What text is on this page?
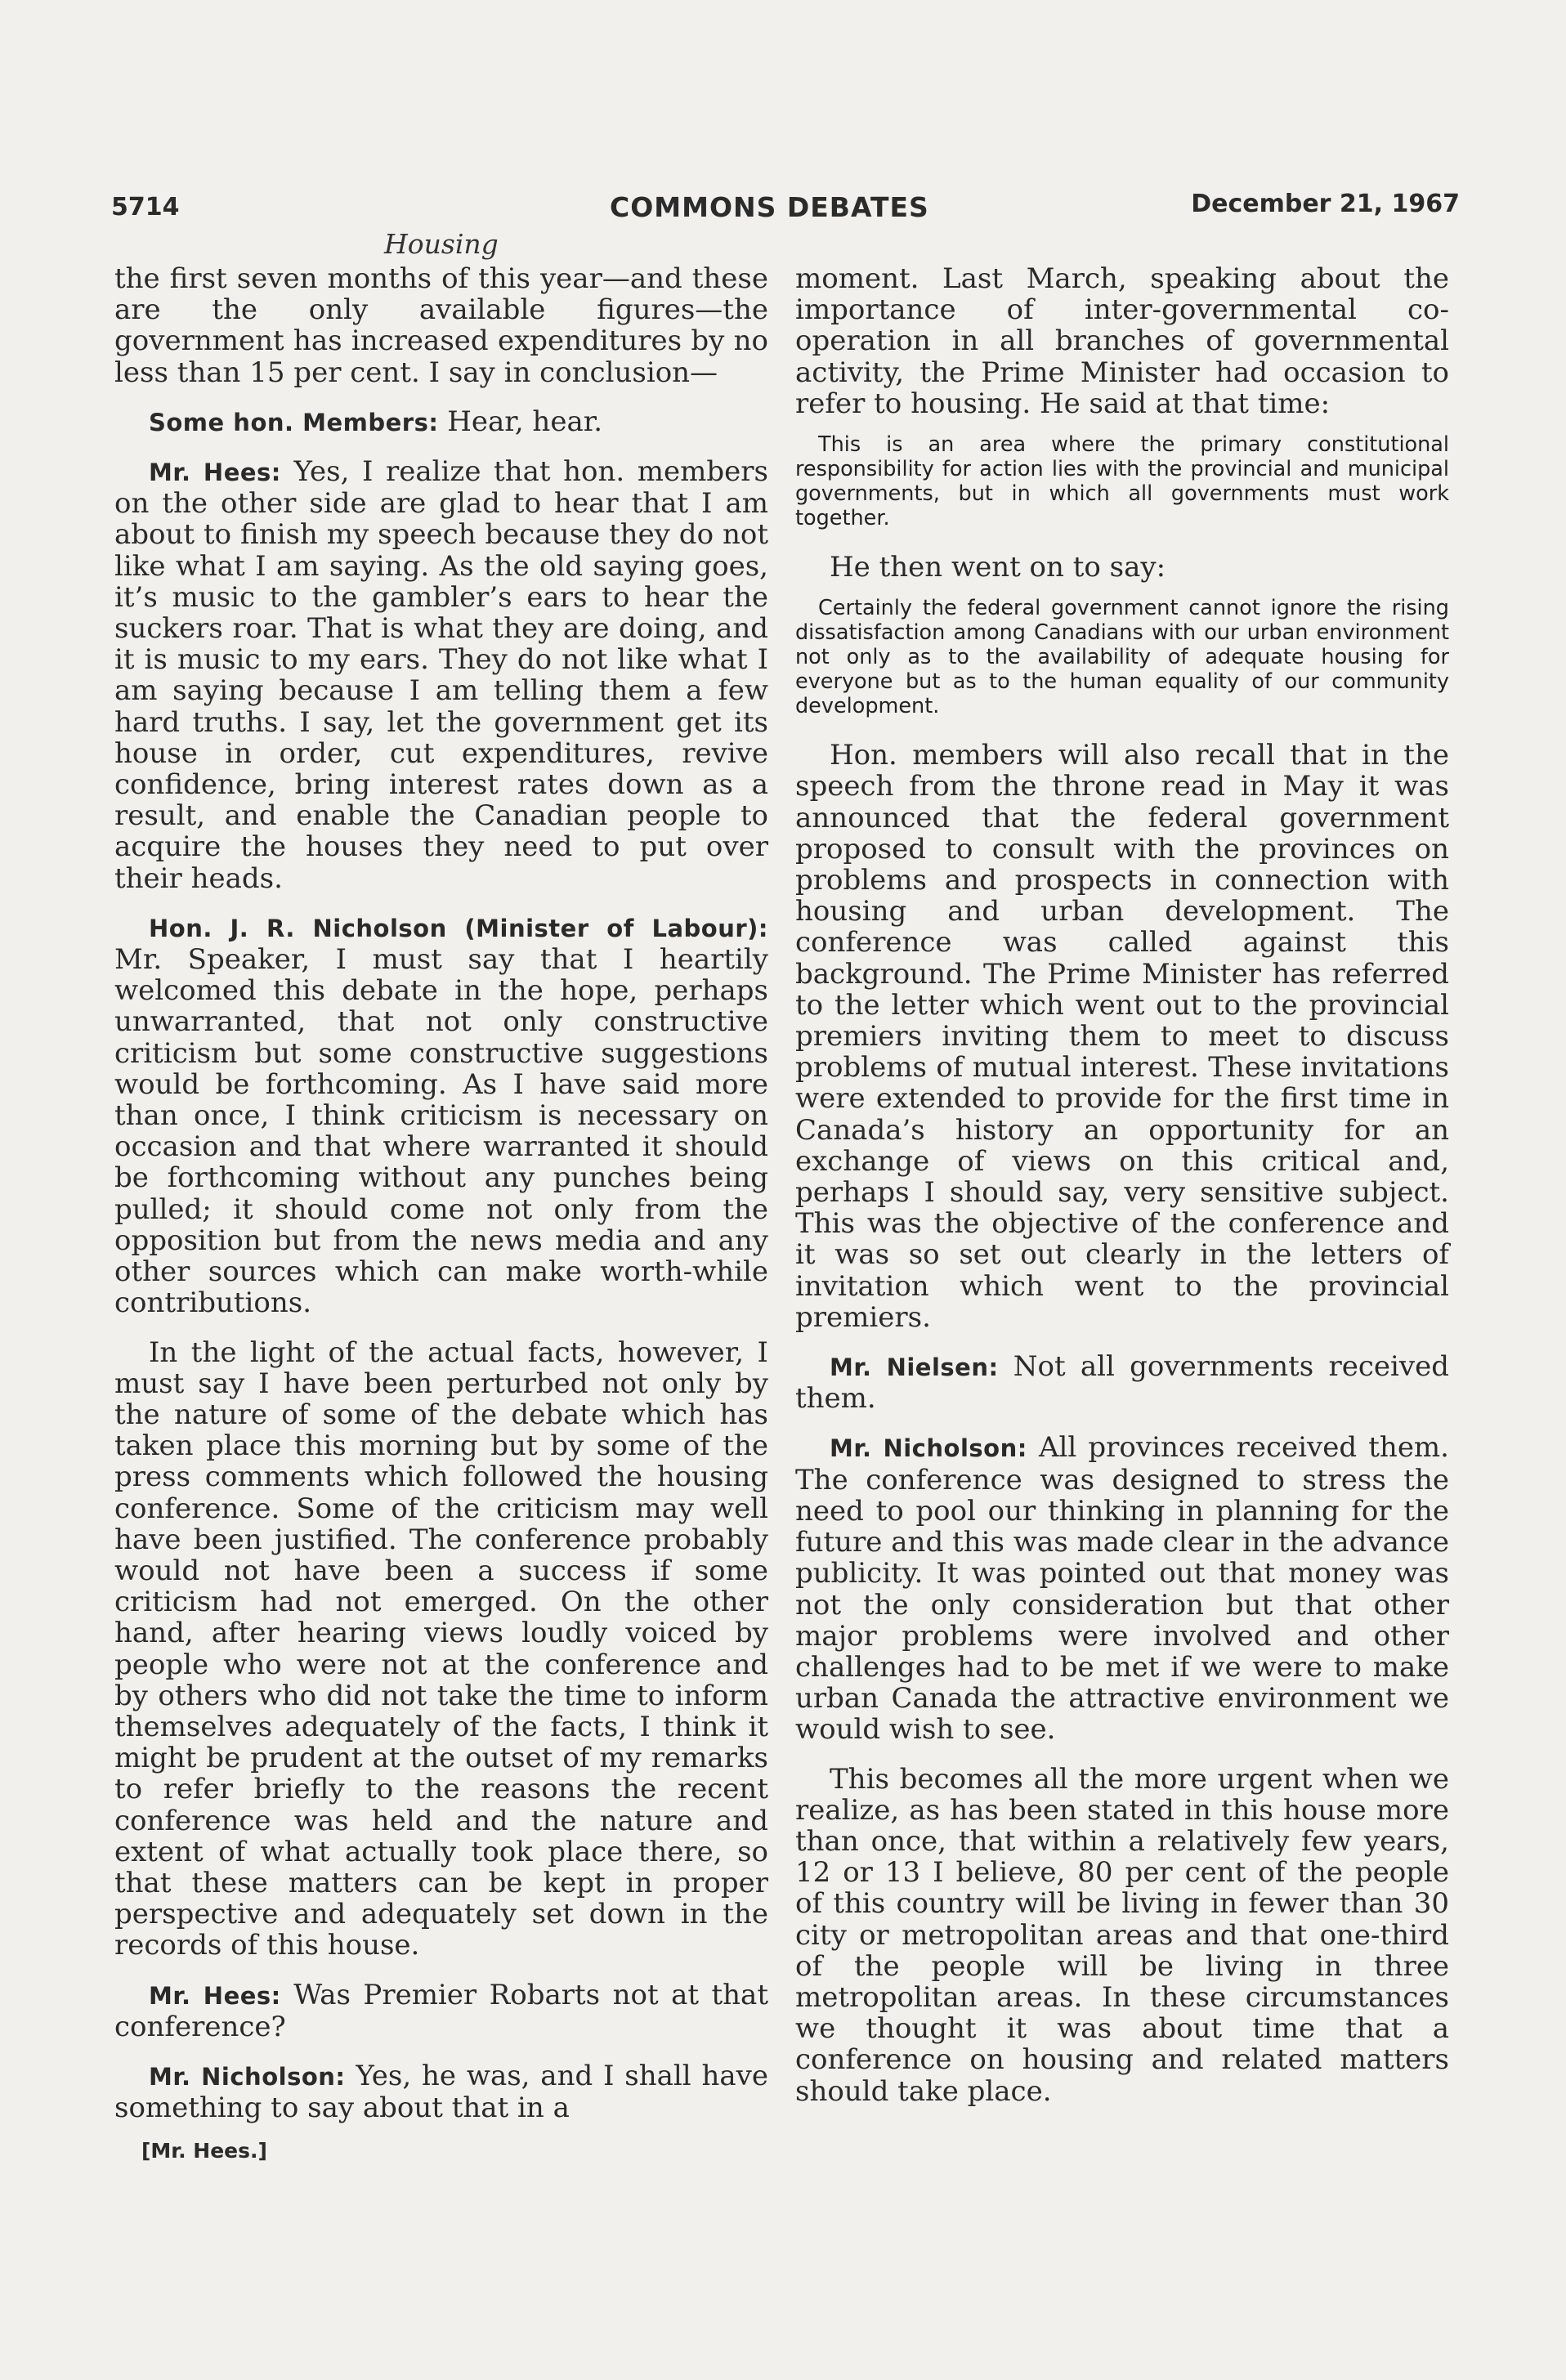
5714	COMMONS DEBATES	December 21, 1967
Housing

the first seven months of this year—and these are the only available figures—the government has increased expenditures by no less than 15 per cent. I say in conclusion—

Some hon. Members: Hear, hear.

Mr. Hees: Yes, I realize that hon. members on the other side are glad to hear that I am about to finish my speech because they do not like what I am saying. As the old saying goes, it’s music to the gambler’s ears to hear the suckers roar. That is what they are doing, and it is music to my ears. They do not like what I am saying because I am telling them a few hard truths. I say, let the government get its house in order, cut expenditures, revive confidence, bring interest rates down as a result, and enable the Canadian people to acquire the houses they need to put over their heads.

Hon. J. R. Nicholson (Minister of Labour): Mr. Speaker, I must say that I heartily welcomed this debate in the hope, perhaps unwarranted, that not only constructive criticism but some constructive suggestions would be forthcoming. As I have said more than once, I think criticism is necessary on occasion and that where warranted it should be forthcoming without any punches being pulled; it should come not only from the opposition but from the news media and any other sources which can make worth-while contributions.

In the light of the actual facts, however, I must say I have been perturbed not only by the nature of some of the debate which has taken place this morning but by some of the press comments which followed the housing conference. Some of the criticism may well have been justified. The conference probably would not have been a success if some criticism had not emerged. On the other hand, after hearing views loudly voiced by people who were not at the conference and by others who did not take the time to inform themselves adequately of the facts, I think it might be prudent at the outset of my remarks to refer briefly to the reasons the recent conference was held and the nature and extent of what actually took place there, so that these matters can be kept in proper perspective and adequately set down in the records of this house.

Mr. Hees: Was Premier Robarts not at that conference?

Mr. Nicholson: Yes, he was, and I shall have something to say about that in a

moment. Last March, speaking about the importance of inter-governmental co-operation in all branches of governmental activity, the Prime Minister had occasion to refer to housing. He said at that time:

This is an area where the primary constitutional responsibility for action lies with the provincial and municipal governments, but in which all governments must work together.

He then went on to say:

Certainly the federal government cannot ignore the rising dissatisfaction among Canadians with our urban environment not only as to the availability of adequate housing for everyone but as to the human equality of our community development.

Hon. members will also recall that in the speech from the throne read in May it was announced that the federal government proposed to consult with the provinces on problems and prospects in connection with housing and urban development. The conference was called against this background. The Prime Minister has referred to the letter which went out to the provincial premiers inviting them to meet to discuss problems of mutual interest. These invitations were extended to provide for the first time in Canada’s history an opportunity for an exchange of views on this critical and, perhaps I should say, very sensitive subject. This was the objective of the conference and it was so set out clearly in the letters of invitation which went to the provincial premiers.

Mr. Nielsen: Not all governments received them.

Mr. Nicholson: All provinces received them. The conference was designed to stress the need to pool our thinking in planning for the future and this was made clear in the advance publicity. It was pointed out that money was not the only consideration but that other major problems were involved and other challenges had to be met if we were to make urban Canada the attractive environment we would wish to see.

This becomes all the more urgent when we realize, as has been stated in this house more than once, that within a relatively few years, 12 or 13 I believe, 80 per cent of the people of this country will be living in fewer than 30 city or metropolitan areas and that one-third of the people will be living in three metropolitan areas. In these circumstances we thought it was about time that a conference on housing and related matters should take place.

[Mr. Hees.]
